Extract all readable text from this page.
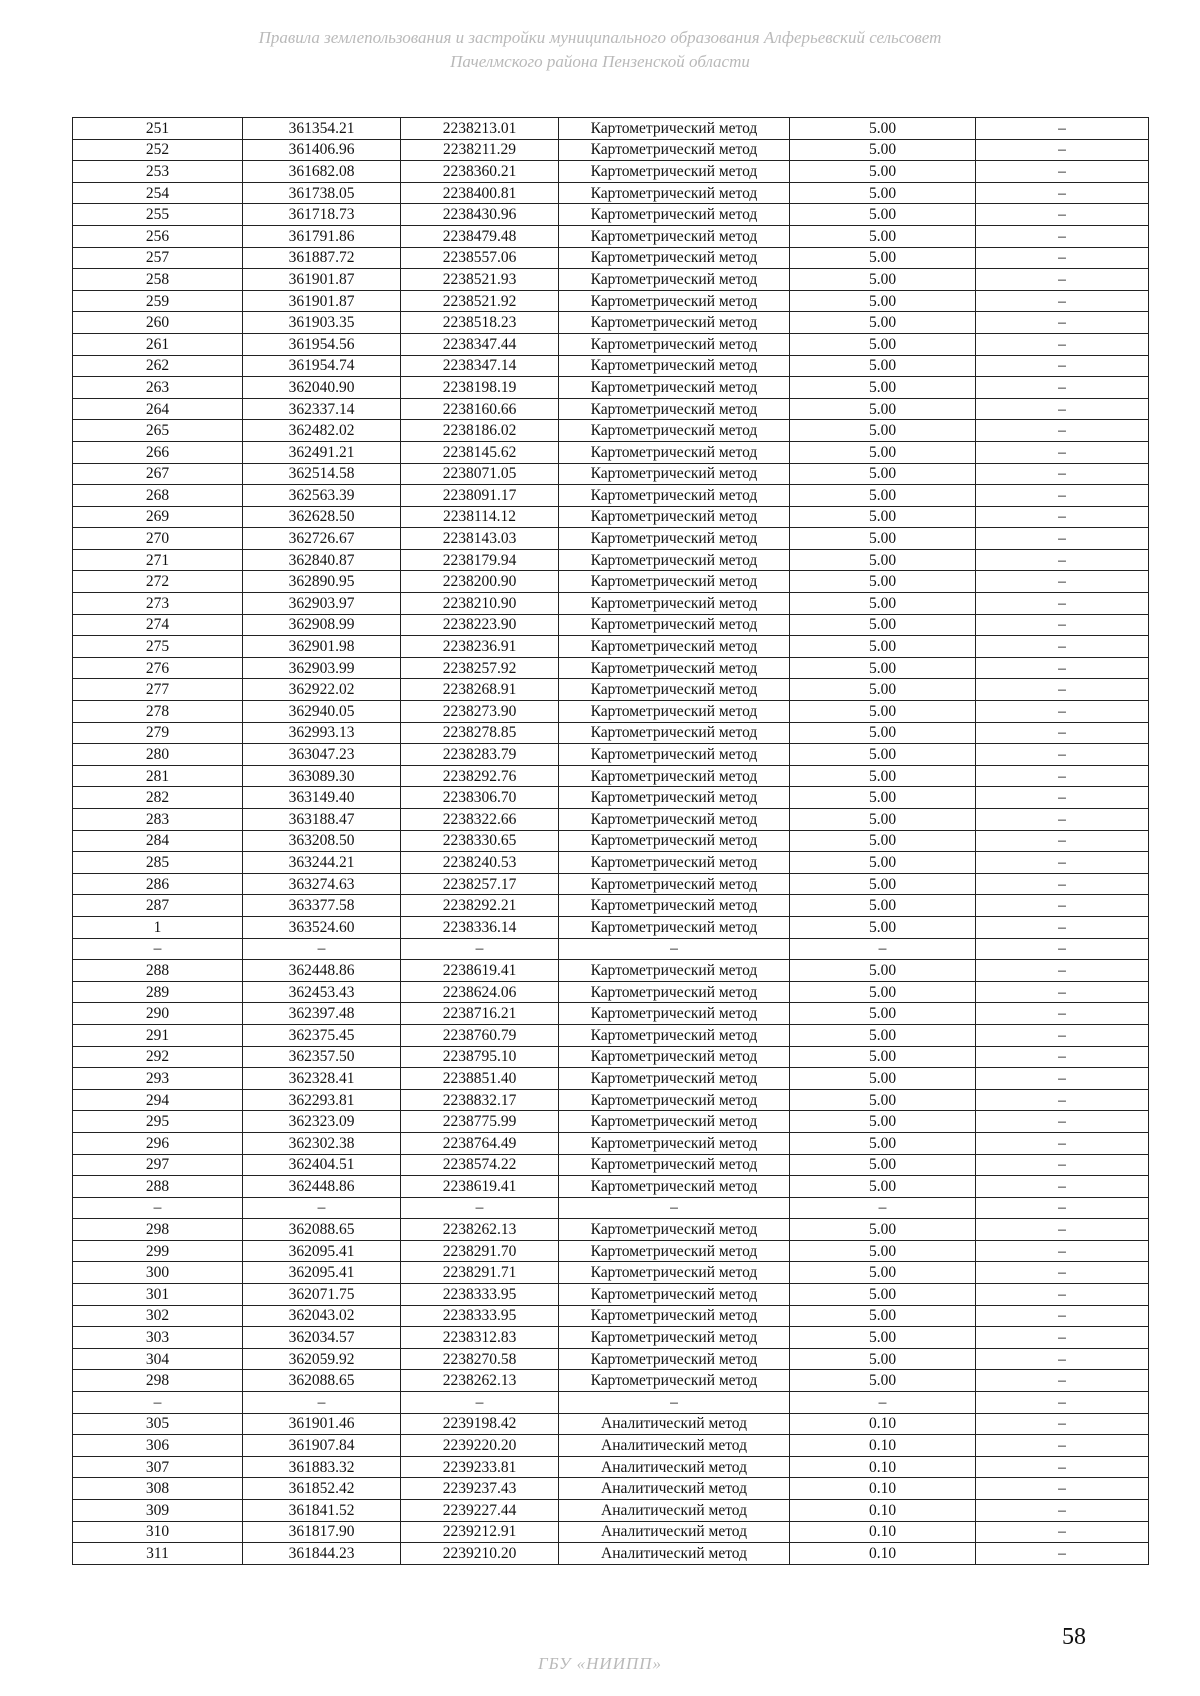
Правила землепользования и застройки муниципального образования Алферьевский сельсовет
Пачелмского района Пензенской области
251	361354.21	2238213.01	Картометрический метод	5.00	–
252	361406.96	2238211.29	Картометрический метод	5.00	–
253	361682.08	2238360.21	Картометрический метод	5.00	–
254	361738.05	2238400.81	Картометрический метод	5.00	–
255	361718.73	2238430.96	Картометрический метод	5.00	–
256	361791.86	2238479.48	Картометрический метод	5.00	–
257	361887.72	2238557.06	Картометрический метод	5.00	–
258	361901.87	2238521.93	Картометрический метод	5.00	–
259	361901.87	2238521.92	Картометрический метод	5.00	–
260	361903.35	2238518.23	Картометрический метод	5.00	–
261	361954.56	2238347.44	Картометрический метод	5.00	–
262	361954.74	2238347.14	Картометрический метод	5.00	–
263	362040.90	2238198.19	Картометрический метод	5.00	–
264	362337.14	2238160.66	Картометрический метод	5.00	–
265	362482.02	2238186.02	Картометрический метод	5.00	–
266	362491.21	2238145.62	Картометрический метод	5.00	–
267	362514.58	2238071.05	Картометрический метод	5.00	–
268	362563.39	2238091.17	Картометрический метод	5.00	–
269	362628.50	2238114.12	Картометрический метод	5.00	–
270	362726.67	2238143.03	Картометрический метод	5.00	–
271	362840.87	2238179.94	Картометрический метод	5.00	–
272	362890.95	2238200.90	Картометрический метод	5.00	–
273	362903.97	2238210.90	Картометрический метод	5.00	–
274	362908.99	2238223.90	Картометрический метод	5.00	–
275	362901.98	2238236.91	Картометрический метод	5.00	–
276	362903.99	2238257.92	Картометрический метод	5.00	–
277	362922.02	2238268.91	Картометрический метод	5.00	–
278	362940.05	2238273.90	Картометрический метод	5.00	–
279	362993.13	2238278.85	Картометрический метод	5.00	–
280	363047.23	2238283.79	Картометрический метод	5.00	–
281	363089.30	2238292.76	Картометрический метод	5.00	–
282	363149.40	2238306.70	Картометрический метод	5.00	–
283	363188.47	2238322.66	Картометрический метод	5.00	–
284	363208.50	2238330.65	Картометрический метод	5.00	–
285	363244.21	2238240.53	Картометрический метод	5.00	–
286	363274.63	2238257.17	Картометрический метод	5.00	–
287	363377.58	2238292.21	Картометрический метод	5.00	–
1	363524.60	2238336.14	Картометрический метод	5.00	–
–	–	–	–	–	–
288	362448.86	2238619.41	Картометрический метод	5.00	–
289	362453.43	2238624.06	Картометрический метод	5.00	–
290	362397.48	2238716.21	Картометрический метод	5.00	–
291	362375.45	2238760.79	Картометрический метод	5.00	–
292	362357.50	2238795.10	Картометрический метод	5.00	–
293	362328.41	2238851.40	Картометрический метод	5.00	–
294	362293.81	2238832.17	Картометрический метод	5.00	–
295	362323.09	2238775.99	Картометрический метод	5.00	–
296	362302.38	2238764.49	Картометрический метод	5.00	–
297	362404.51	2238574.22	Картометрический метод	5.00	–
288	362448.86	2238619.41	Картометрический метод	5.00	–
–	–	–	–	–	–
298	362088.65	2238262.13	Картометрический метод	5.00	–
299	362095.41	2238291.70	Картометрический метод	5.00	–
300	362095.41	2238291.71	Картометрический метод	5.00	–
301	362071.75	2238333.95	Картометрический метод	5.00	–
302	362043.02	2238333.95	Картометрический метод	5.00	–
303	362034.57	2238312.83	Картометрический метод	5.00	–
304	362059.92	2238270.58	Картометрический метод	5.00	–
298	362088.65	2238262.13	Картометрический метод	5.00	–
–	–	–	–	–	–
305	361901.46	2239198.42	Аналитический метод	0.10	–
306	361907.84	2239220.20	Аналитический метод	0.10	–
307	361883.32	2239233.81	Аналитический метод	0.10	–
308	361852.42	2239237.43	Аналитический метод	0.10	–
309	361841.52	2239227.44	Аналитический метод	0.10	–
310	361817.90	2239212.91	Аналитический метод	0.10	–
311	361844.23	2239210.20	Аналитический метод	0.10	–
58
ГБУ «НИИПП»
